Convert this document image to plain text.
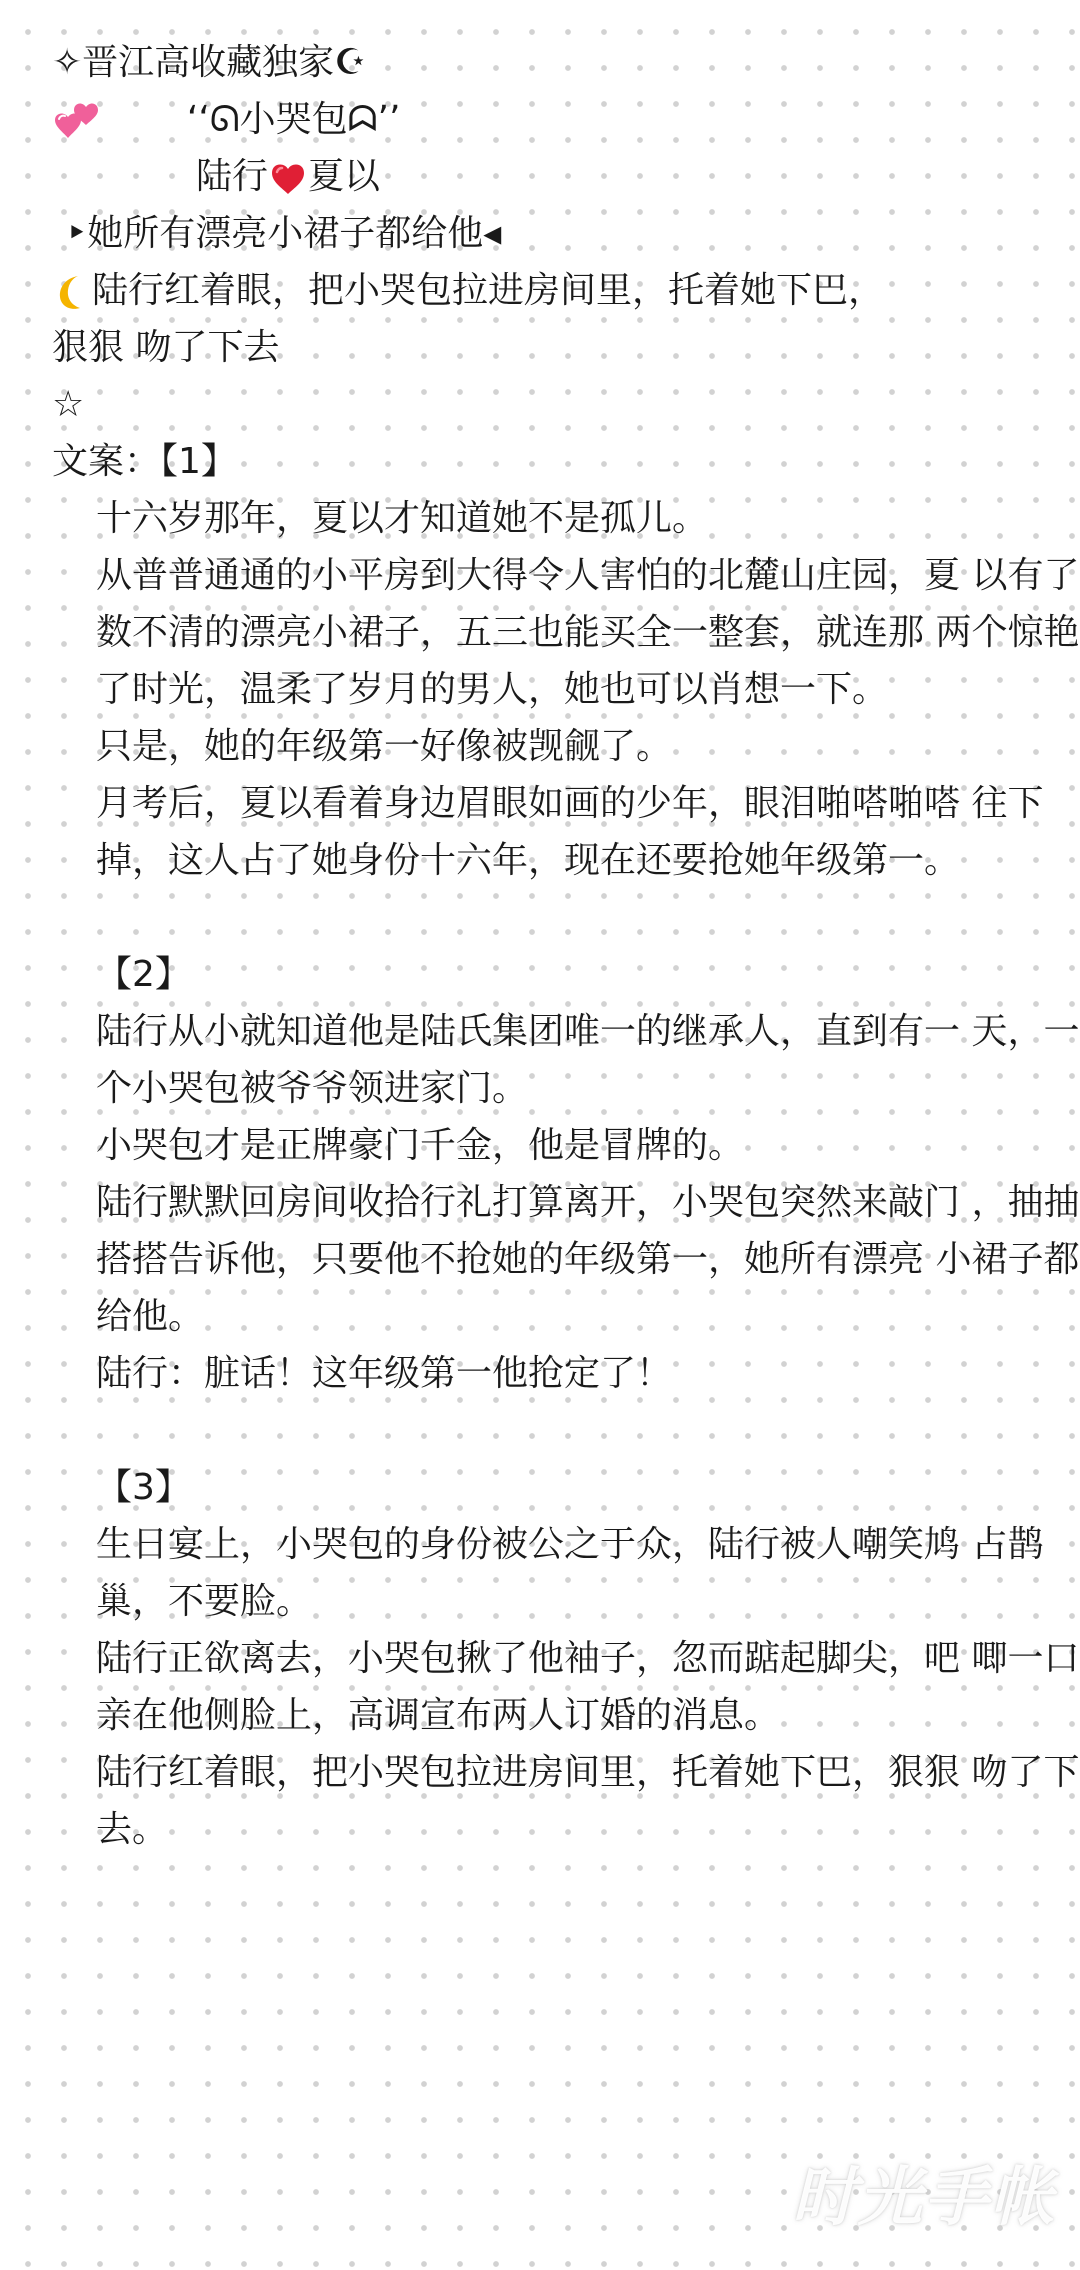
✧晋江高收藏独家☪
‘‘ᘏ小哭包ᗣ’’
陆行 夏以
‣她所有漂亮小裙子都给他◂
陆行红着眼，把小哭包拉进房间里，托着她下巴，
狠狠 吻了下去
☆
文案：【1】
十六岁那年，夏以才知道她不是孤儿。
从普普通通的小平房到大得令人害怕的北麓山庄园，夏 以有了数不清的漂亮小裙子，五三也能买全一整套，就连那 两个惊艳了时光，温柔了岁月的男人，她也可以肖想一下。
只是，她的年级第一好像被觊觎了。
月考后，夏以看着身边眉眼如画的少年，眼泪啪嗒啪嗒 往下掉，这人占了她身份十六年，现在还要抢她年级第一。
【2】
陆行从小就知道他是陆氏集团唯一的继承人，直到有一 天，一个小哭包被爷爷领进家门。
小哭包才是正牌豪门千金，他是冒牌的。
陆行默默回房间收拾行礼打算离开，小哭包突然来敲门 ，抽抽搭搭告诉他，只要他不抢她的年级第一，她所有漂亮 小裙子都给他。
陆行：脏话！这年级第一他抢定了！
【3】
生日宴上，小哭包的身份被公之于众，陆行被人嘲笑鸠 占鹊巢，不要脸。
陆行正欲离去，小哭包揪了他袖子，忽而踮起脚尖，吧 唧一口亲在他侧脸上，高调宣布两人订婚的消息。
陆行红着眼，把小哭包拉进房间里，托着她下巴，狠狠 吻了下去。
时光手帐
